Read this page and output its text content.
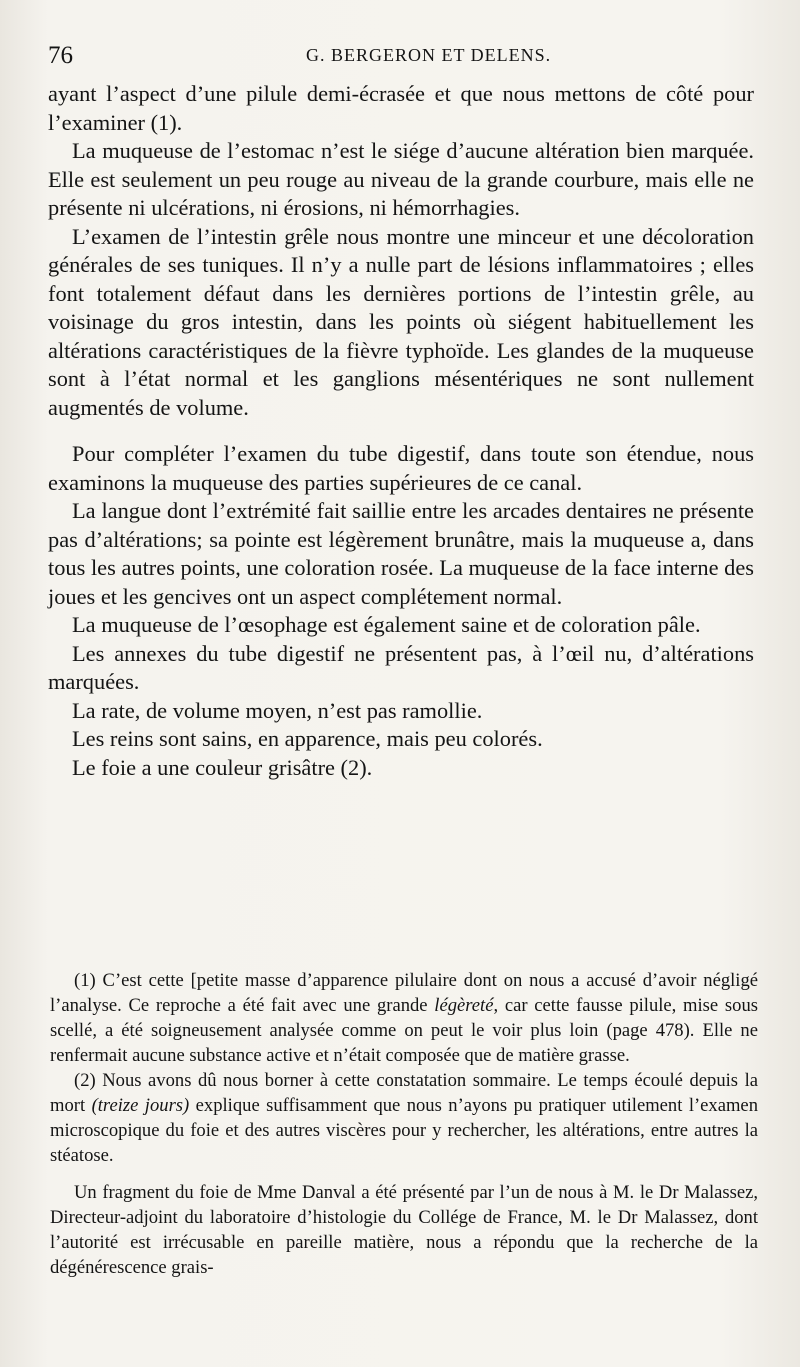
76	G. BERGERON ET DELENS.

ayant l’aspect d’une pilule demi-écrasée et que nous mettons de côté pour l’examiner (1).

La muqueuse de l’estomac n’est le siége d’aucune altération bien marquée. Elle est seulement un peu rouge au niveau de la grande courbure, mais elle ne présente ni ulcérations, ni érosions, ni hémorrhagies.

L’examen de l’intestin grêle nous montre une minceur et une décoloration générales de ses tuniques. Il n’y a nulle part de lésions inflammatoires ; elles font totalement défaut dans les dernières portions de l’intestin grêle, au voisinage du gros intestin, dans les points où siégent habituellement les altérations caractéristiques de la fièvre typhoïde. Les glandes de la muqueuse sont à l’état normal et les ganglions mésentériques ne sont nullement augmentés de volume.

Pour compléter l’examen du tube digestif, dans toute son étendue, nous examinons la muqueuse des parties supérieures de ce canal.

La langue dont l’extrémité fait saillie entre les arcades dentaires ne présente pas d’altérations; sa pointe est légèrement brunâtre, mais la muqueuse a, dans tous les autres points, une coloration rosée. La muqueuse de la face interne des joues et les gencives ont un aspect complétement normal.

La muqueuse de l’œsophage est également saine et de coloration pâle.

Les annexes du tube digestif ne présentent pas, à l’œil nu, d’altérations marquées.

La rate, de volume moyen, n’est pas ramollie.

Les reins sont sains, en apparence, mais peu colorés.

Le foie a une couleur grisâtre (2).

(1) C’est cette [petite masse d’apparence pilulaire dont on nous a accusé d’avoir négligé l’analyse. Ce reproche a été fait avec une grande légèreté, car cette fausse pilule, mise sous scellé, a été soigneusement analysée comme on peut le voir plus loin (page 478). Elle ne renfermait aucune substance active et n’était composée que de matière grasse.

(2) Nous avons dû nous borner à cette constatation sommaire. Le temps écoulé depuis la mort (treize jours) explique suffisamment que nous n’ayons pu pratiquer utilement l’examen microscopique du foie et des autres viscères pour y rechercher, les altérations, entre autres la stéatose.

Un fragment du foie de Mme Danval a été présenté par l’un de nous à M. le Dr Malassez, Directeur-adjoint du laboratoire d’histologie du Collége de France, M. le Dr Malassez, dont l’autorité est irrécusable en pareille matière, nous a répondu que la recherche de la dégénérescence grais-
